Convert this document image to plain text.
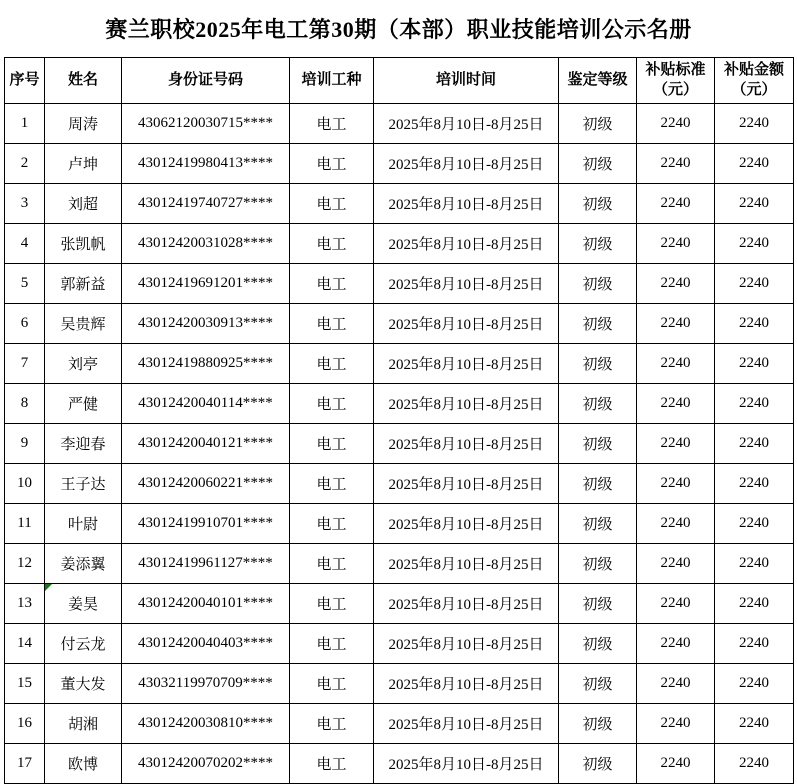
赛兰职校2025年电工第30期（本部）职业技能培训公示名册
序号	姓名	身份证号码	培训工种	培训时间	鉴定等级	补贴标准（元）	补贴金额（元）
1	周涛	43062120030715****	电工	2025年8月10日-8月25日	初级	2240	2240
2	卢坤	43012419980413****	电工	2025年8月10日-8月25日	初级	2240	2240
3	刘超	43012419740727****	电工	2025年8月10日-8月25日	初级	2240	2240
4	张凯帆	43012420031028****	电工	2025年8月10日-8月25日	初级	2240	2240
5	郭新益	43012419691201****	电工	2025年8月10日-8月25日	初级	2240	2240
6	吴贵辉	43012420030913****	电工	2025年8月10日-8月25日	初级	2240	2240
7	刘亭	43012419880925****	电工	2025年8月10日-8月25日	初级	2240	2240
8	严健	43012420040114****	电工	2025年8月10日-8月25日	初级	2240	2240
9	李迎春	43012420040121****	电工	2025年8月10日-8月25日	初级	2240	2240
10	王子达	43012420060221****	电工	2025年8月10日-8月25日	初级	2240	2240
11	叶尉	43012419910701****	电工	2025年8月10日-8月25日	初级	2240	2240
12	姜添翼	43012419961127****	电工	2025年8月10日-8月25日	初级	2240	2240
13	姜昊	43012420040101****	电工	2025年8月10日-8月25日	初级	2240	2240
14	付云龙	43012420040403****	电工	2025年8月10日-8月25日	初级	2240	2240
15	董大发	43032119970709****	电工	2025年8月10日-8月25日	初级	2240	2240
16	胡湘	43012420030810****	电工	2025年8月10日-8月25日	初级	2240	2240
17	欧博	43012420070202****	电工	2025年8月10日-8月25日	初级	2240	2240
